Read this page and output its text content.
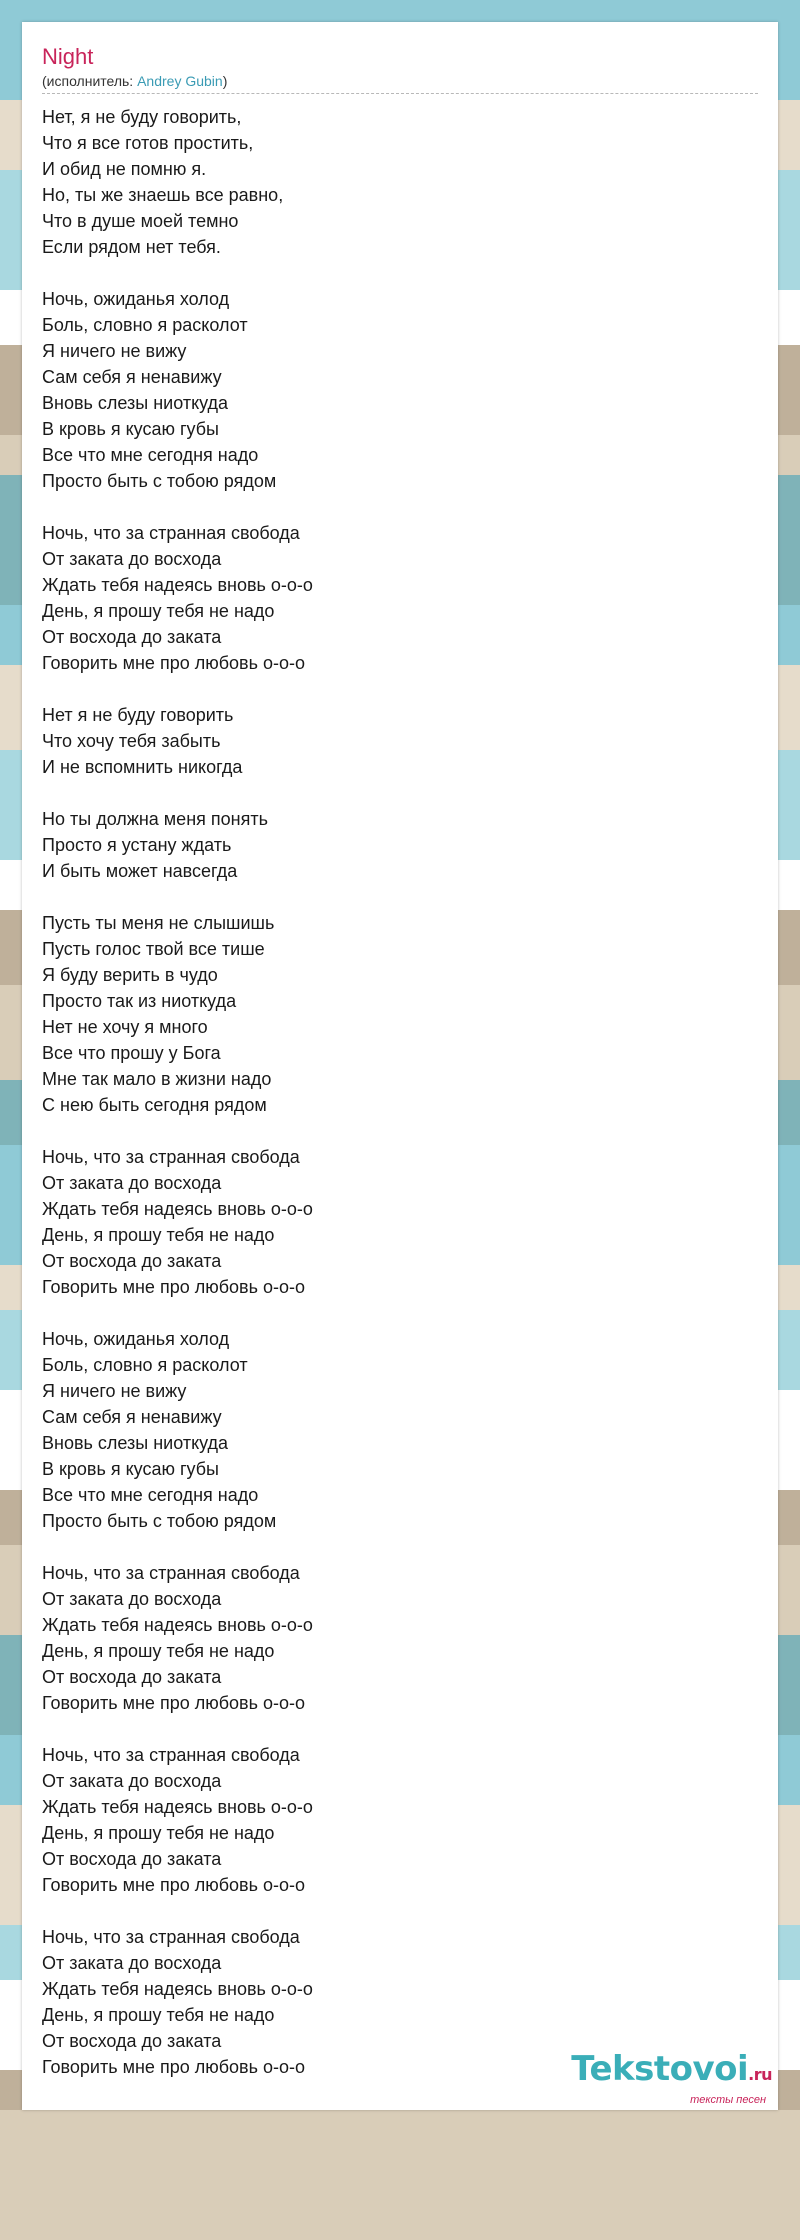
Night
(исполнитель: Andrey Gubin)
Нет, я не буду говорить,
Что я все готов простить,
И обид не помню я.
Но, ты же знаешь все равно,
Что в душе моей темно
Если рядом нет тебя.
Ночь, ожиданья холод
Боль, словно я расколот
Я ничего не вижу
Сам себя я ненавижу
Вновь слезы ниоткуда
В кровь я кусаю губы
Все что мне сегодня надо
Просто быть с тобою рядом
Ночь, что за странная свобода
От заката до восхода
Ждать тебя надеясь вновь о-о-о
День, я прошу тебя не надо
От восхода до заката
Говорить мне про любовь о-о-о
Нет я не буду говорить
Что хочу тебя забыть
И не вспомнить никогда
Но ты должна меня понять
Просто я устану ждать
И быть может навсегда
Пусть ты меня не слышишь
Пусть голос твой все тише
Я буду верить в чудо
Просто так из ниоткуда
Нет не хочу я много
Все что прошу у Бога
Мне так мало в жизни надо
С нею быть сегодня рядом
Ночь, что за странная свобода
От заката до восхода
Ждать тебя надеясь вновь о-о-о
День, я прошу тебя не надо
От восхода до заката
Говорить мне про любовь о-о-о
Ночь, ожиданья холод
Боль, словно я расколот
Я ничего не вижу
Сам себя я ненавижу
Вновь слезы ниоткуда
В кровь я кусаю губы
Все что мне сегодня надо
Просто быть с тобою рядом
Ночь, что за странная свобода
От заката до восхода
Ждать тебя надеясь вновь о-о-о
День, я прошу тебя не надо
От восхода до заката
Говорить мне про любовь о-о-о
Ночь, что за странная свобода
От заката до восхода
Ждать тебя надеясь вновь о-о-о
День, я прошу тебя не надо
От восхода до заката
Говорить мне про любовь о-о-о
Ночь, что за странная свобода
От заката до восхода
Ждать тебя надеясь вновь о-о-о
День, я прошу тебя не надо
От восхода до заката
Говорить мне про любовь о-о-о	Tekstovoi.ru
тексты песен
